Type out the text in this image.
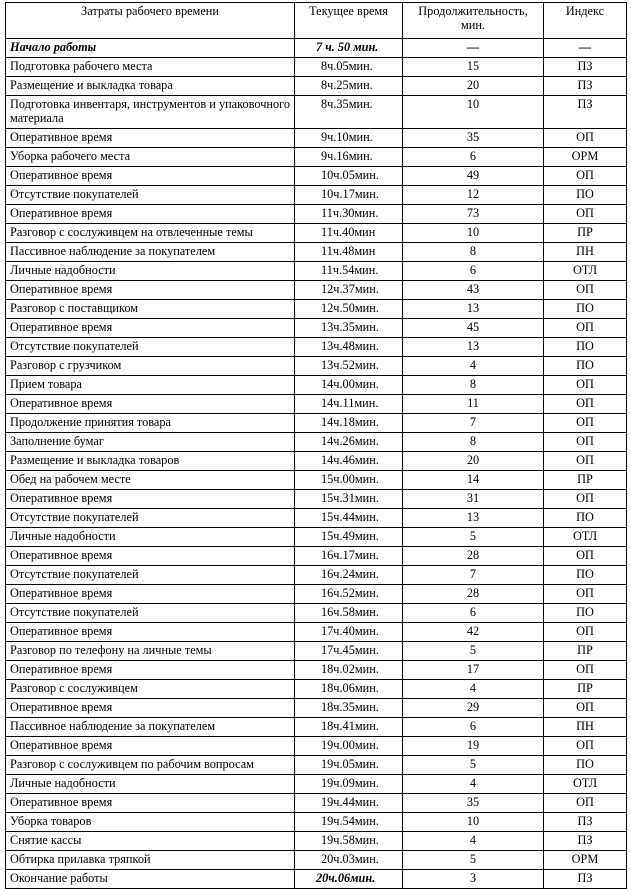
Затраты рабочего времени	Текущее время	Продолжительность, мин.	Индекс
Начало работы	7 ч. 50 мин.	—	—
Подготовка рабочего места	8ч.05мин.	15	ПЗ
Размещение и выкладка товара	8ч.25мин.	20	ПЗ
Подготовка инвентаря, инструментов и упаковочного материала	8ч.35мин.	10	ПЗ
Оперативное время	9ч.10мин.	35	ОП
Уборка рабочего места	9ч.16мин.	6	ОРМ
Оперативное время	10ч.05мин.	49	ОП
Отсутствие покупателей	10ч.17мин.	12	ПО
Оперативное время	11ч.30мин.	73	ОП
Разговор с сослуживцем на отвлеченные темы	11ч.40мин	10	ПР
Пассивное наблюдение за покупателем	11ч.48мин	8	ПН
Личные надобности	11ч.54мин.	6	ОТЛ
Оперативное время	12ч.37мин.	43	ОП
Разговор с поставщиком	12ч.50мин.	13	ПО
Оперативное время	13ч.35мин.	45	ОП
Отсутствие покупателей	13ч.48мин.	13	ПО
Разговор с грузчиком	13ч.52мин.	4	ПО
Прием товара	14ч.00мин.	8	ОП
Оперативное время	14ч.11мин.	11	ОП
Продолжение принятия товара	14ч.18мин.	7	ОП
Заполнение бумаг	14ч.26мин.	8	ОП
Размещение и выкладка товаров	14ч.46мин.	20	ОП
Обед на рабочем месте	15ч.00мин.	14	ПР
Оперативное время	15ч.31мин.	31	ОП
Отсутствие покупателей	15ч.44мин.	13	ПО
Личные надобности	15ч.49мин.	5	ОТЛ
Оперативное время	16ч.17мин.	28	ОП
Отсутствие покупателей	16ч.24мин.	7	ПО
Оперативное время	16ч.52мин.	28	ОП
Отсутствие покупателей	16ч.58мин.	6	ПО
Оперативное время	17ч.40мин.	42	ОП
Разговор по телефону на личные темы	17ч.45мин.	5	ПР
Оперативное время	18ч.02мин.	17	ОП
Разговор с сослуживцем	18ч.06мин.	4	ПР
Оперативное время	18ч.35мин.	29	ОП
Пассивное наблюдение за покупателем	18ч.41мин.	6	ПН
Оперативное время	19ч.00мин.	19	ОП
Разговор с сослуживцем по рабочим вопросам	19ч.05мин.	5	ПО
Личные надобности	19ч.09мин.	4	ОТЛ
Оперативное время	19ч.44мин.	35	ОП
Уборка товаров	19ч.54мин.	10	ПЗ
Снятие кассы	19ч.58мин.	4	ПЗ
Обтирка прилавка тряпкой	20ч.03мин.	5	ОРМ
Окончание работы	20ч.06мин.	3	ПЗ
